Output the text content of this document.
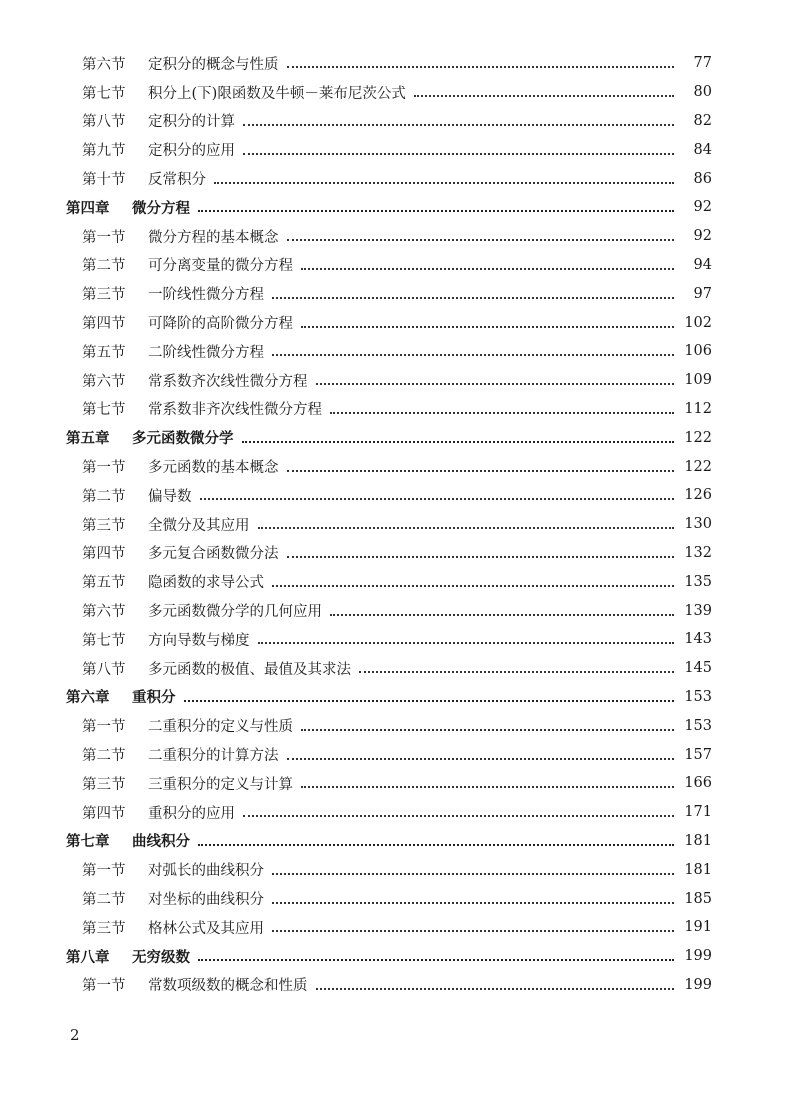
第六节 定积分的概念与性质	77
第七节 积分上(下)限函数及牛顿－莱布尼茨公式	80
第八节 定积分的计算	82
第九节 定积分的应用	84
第十节 反常积分	86
第四章 微分方程	92
第一节 微分方程的基本概念	92
第二节 可分离变量的微分方程	94
第三节 一阶线性微分方程	97
第四节 可降阶的高阶微分方程	102
第五节 二阶线性微分方程	106
第六节 常系数齐次线性微分方程	109
第七节 常系数非齐次线性微分方程	112
第五章 多元函数微分学	122
第一节 多元函数的基本概念	122
第二节 偏导数	126
第三节 全微分及其应用	130
第四节 多元复合函数微分法	132
第五节 隐函数的求导公式	135
第六节 多元函数微分学的几何应用	139
第七节 方向导数与梯度	143
第八节 多元函数的极值、最值及其求法	145
第六章 重积分	153
第一节 二重积分的定义与性质	153
第二节 二重积分的计算方法	157
第三节 三重积分的定义与计算	166
第四节 重积分的应用	171
第七章 曲线积分	181
第一节 对弧长的曲线积分	181
第二节 对坐标的曲线积分	185
第三节 格林公式及其应用	191
第八章 无穷级数	199
第一节 常数项级数的概念和性质	199
2
